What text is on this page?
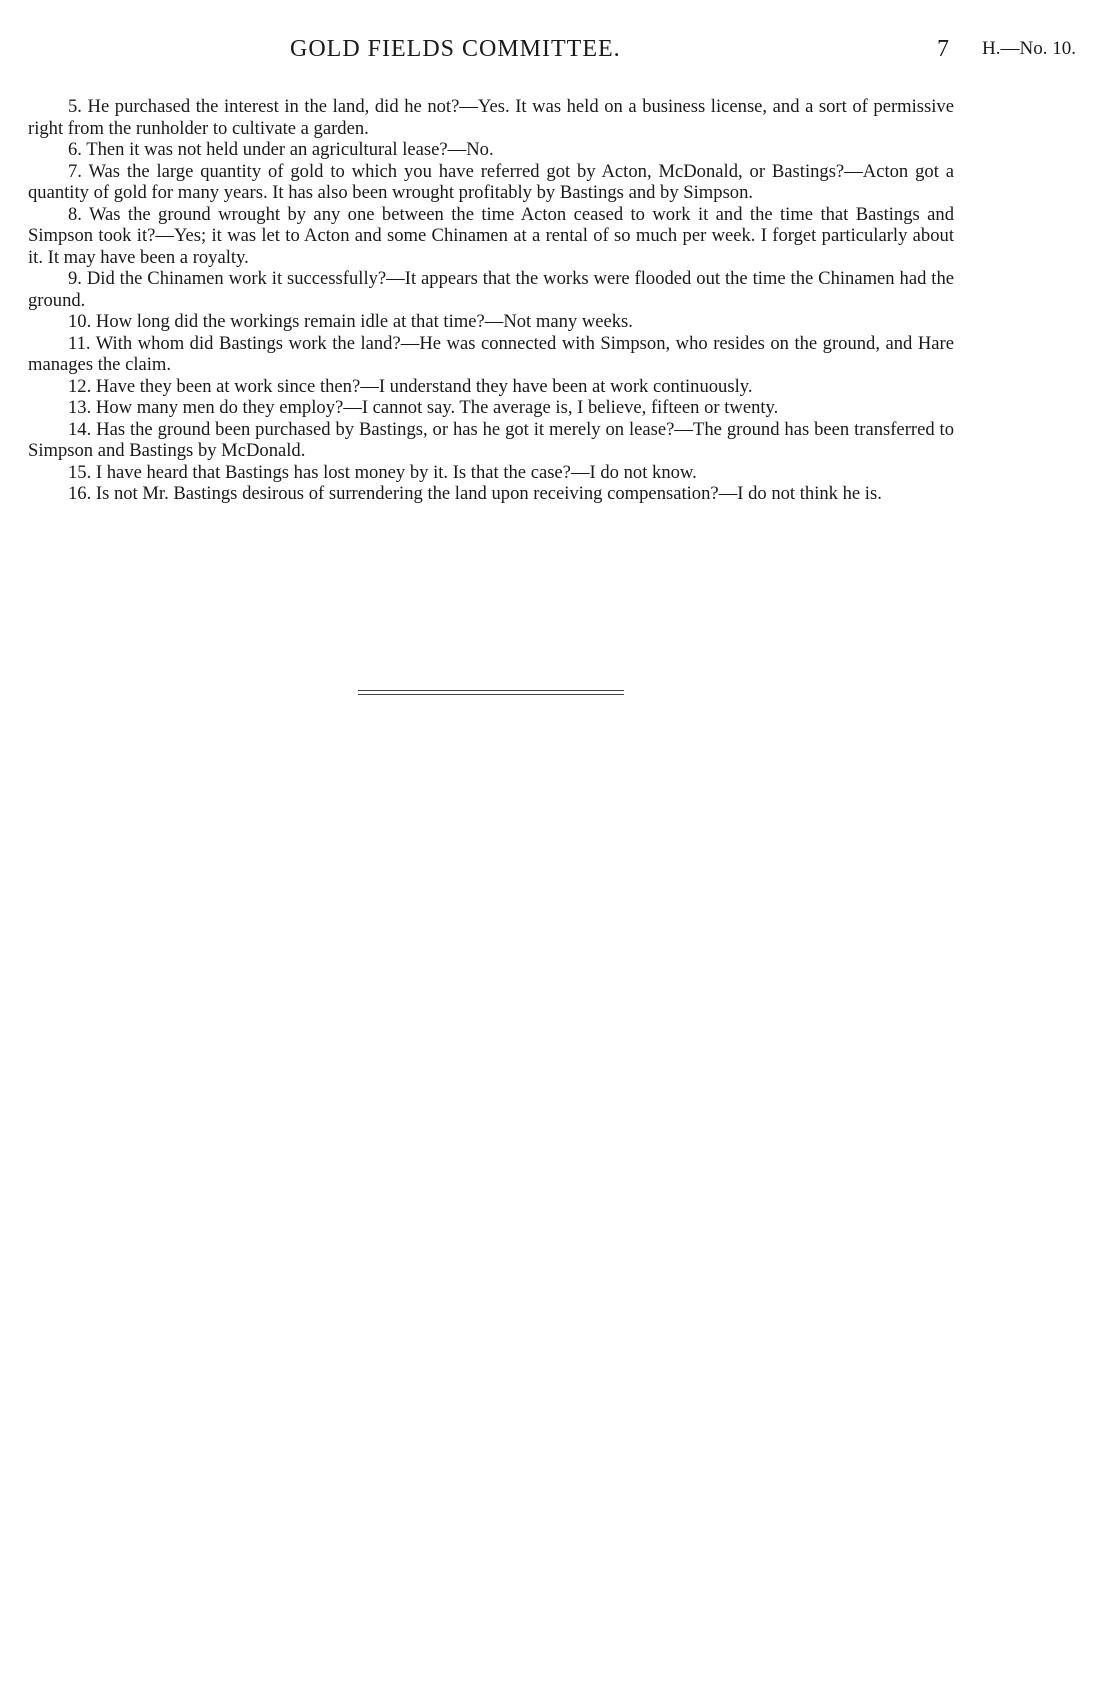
GOLD FIELDS COMMITTEE.	7 H.—No. 10.

5. He purchased the interest in the land, did he not?—Yes. It was held on a business license, and a sort of permissive right from the runholder to cultivate a garden.

6. Then it was not held under an agricultural lease?—No.

7. Was the large quantity of gold to which you have referred got by Acton, McDonald, or Bastings?—Acton got a quantity of gold for many years. It has also been wrought profitably by Bastings and by Simpson.

8. Was the ground wrought by any one between the time Acton ceased to work it and the time that Bastings and Simpson took it?—Yes; it was let to Acton and some Chinamen at a rental of so much per week. I forget particularly about it. It may have been a royalty.

9. Did the Chinamen work it successfully?—It appears that the works were flooded out the time the Chinamen had the ground.

10. How long did the workings remain idle at that time?—Not many weeks.

11. With whom did Bastings work the land?—He was connected with Simpson, who resides on the ground, and Hare manages the claim.

12. Have they been at work since then?—I understand they have been at work continuously.

13. How many men do they employ?—I cannot say. The average is, I believe, fifteen or twenty.

14. Has the ground been purchased by Bastings, or has he got it merely on lease?—The ground has been transferred to Simpson and Bastings by McDonald.

15. I have heard that Bastings has lost money by it. Is that the case?—I do not know.

16. Is not Mr. Bastings desirous of surrendering the land upon receiving compensation?—I do not think he is.
